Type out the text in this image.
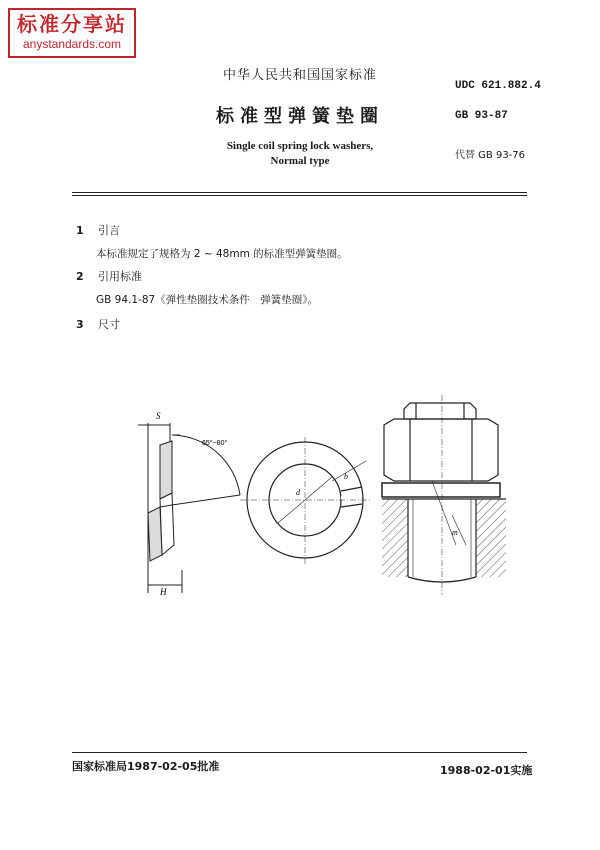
标准分享站
anystandards.com
中华人民共和国国家标准
UDC 621.882.4
标准型弹簧垫圈	GB 93-87
Single coil spring lock washers,
Normal type	代替 GB 93-76
1 引言
本标准规定了规格为 2 ~ 48mm 的标准型弹簧垫圈。
2 引用标准
GB 94.1-87《弹性垫圈技术条件　弹簧垫圈》。
3 尺寸
S
65°~80°
H
d
b
m
国家标准局1987-02-05批准	1988-02-01实施
